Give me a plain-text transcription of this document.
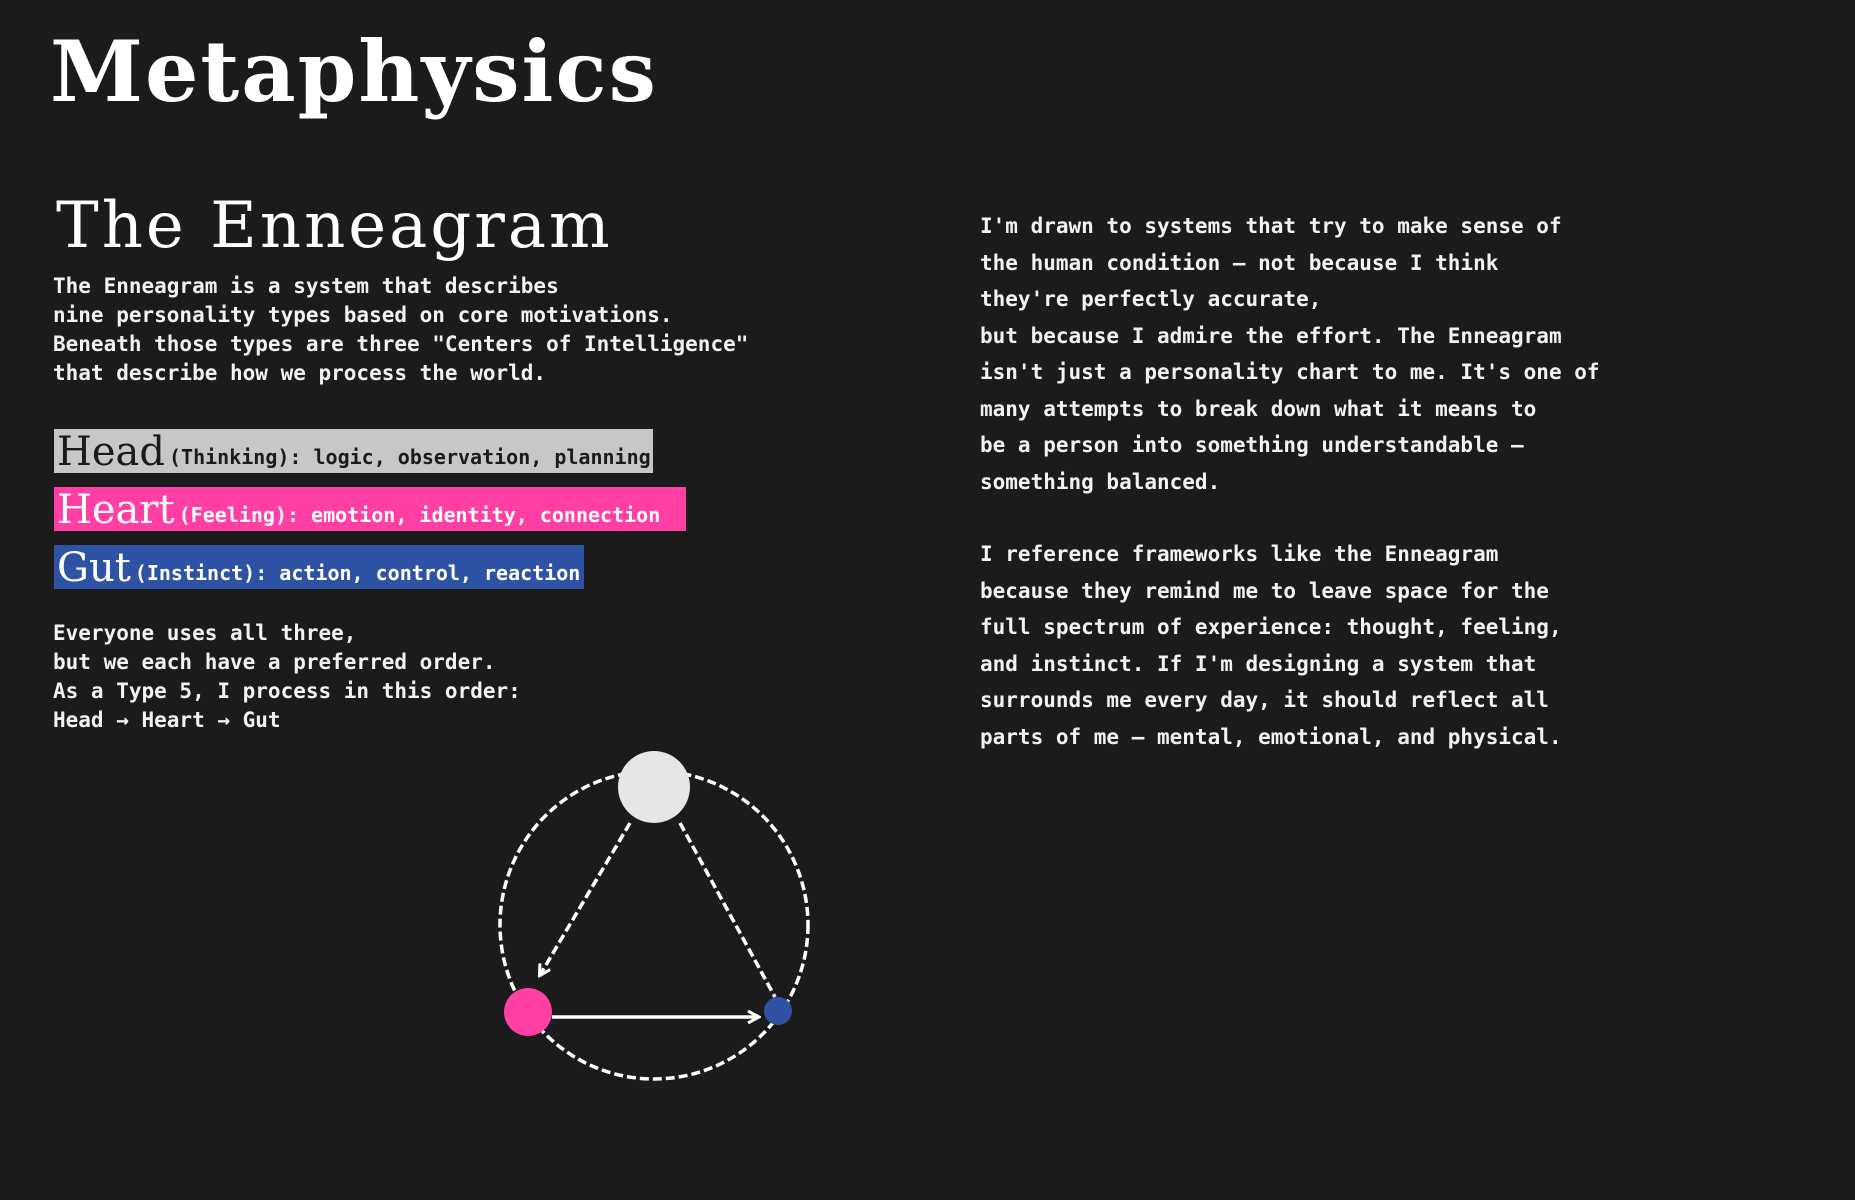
Metaphysics
The Enneagram

The Enneagram is a system that describes
nine personality types based on core motivations.
Beneath those types are three "Centers of Intelligence"
that describe how we process the world.

Head (Thinking): logic, observation, planning
Heart (Feeling): emotion, identity, connection
Gut (Instinct): action, control, reaction

Everyone uses all three,

but we each have a preferred order.

As a Type 5, I process in this order:

Head → Heart → Gut

I'm drawn to systems that try to make sense of
the human condition — not because I think
they're perfectly accurate,
but because I admire the effort. The Enneagram
isn't just a personality chart to me. It's one of
many attempts to break down what it means to
be a person into something understandable —
something balanced.

I reference frameworks like the Enneagram
because they remind me to leave space for the
full spectrum of experience: thought, feeling,
and instinct. If I'm designing a system that
surrounds me every day, it should reflect all
parts of me — mental, emotional, and physical.
